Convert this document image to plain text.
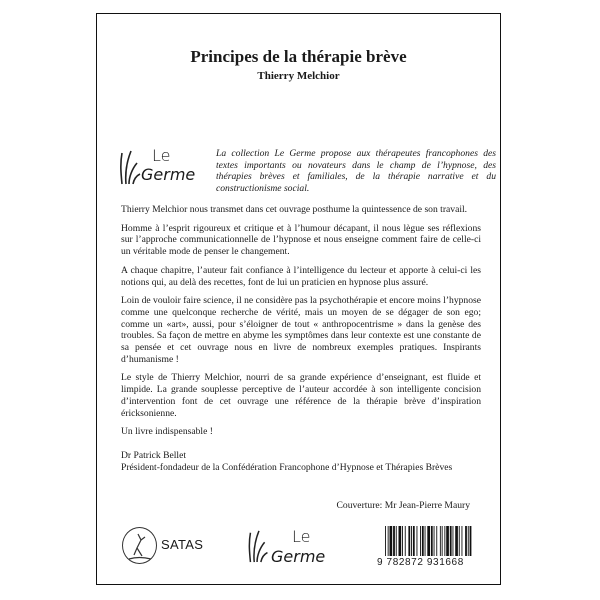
Principes de la thérapie brève
Thierry Melchior
Le
Germe
La collection Le Germe propose aux thérapeutes francophones des textes importants ou novateurs dans le champ de l’hypnose, des thérapies brèves et familiales, de la thérapie narrative et du constructionisme social.

Thierry Melchior nous transmet dans cet ouvrage posthume la quintessence de son travail.

Homme à l’esprit rigoureux et critique et à l’humour décapant, il nous lègue ses réflexions sur l’approche communicationnelle de l’hypnose et nous enseigne comment faire de celle-ci un véritable mode de penser le changement.

A chaque chapitre, l’auteur fait confiance à l’intelligence du lecteur et apporte à celui-ci les notions qui, au delà des recettes, font de lui un praticien en hypnose plus assuré.

Loin de vouloir faire science, il ne considère pas la psychothérapie et encore moins l’hypnose comme une quelconque recherche de vérité, mais un moyen de se dégager de son ego; comme un «art», aussi, pour s’éloigner de tout « anthropocentrisme » dans la genèse des troubles. Sa façon de mettre en abyme les symptômes dans leur contexte est une constante de sa pensée et cet ouvrage nous en livre de nombreux exemples pratiques. Inspirants d’humanisme !

Le style de Thierry Melchior, nourri de sa grande expérience d’enseignant, est fluide et limpide. La grande souplesse perceptive de l’auteur accordée à son intelligente concision d’intervention font de cet ouvrage une référence de la thérapie brève d’inspiration éricksonienne.

Un livre indispensable !

Dr Patrick Bellet
Président-fondadeur de la Confédération Francophone d’Hypnose et Thérapies Brèves

Couverture: Mr Jean-Pierre Maury
SATAS	Le
Germe	9 782872 931668
